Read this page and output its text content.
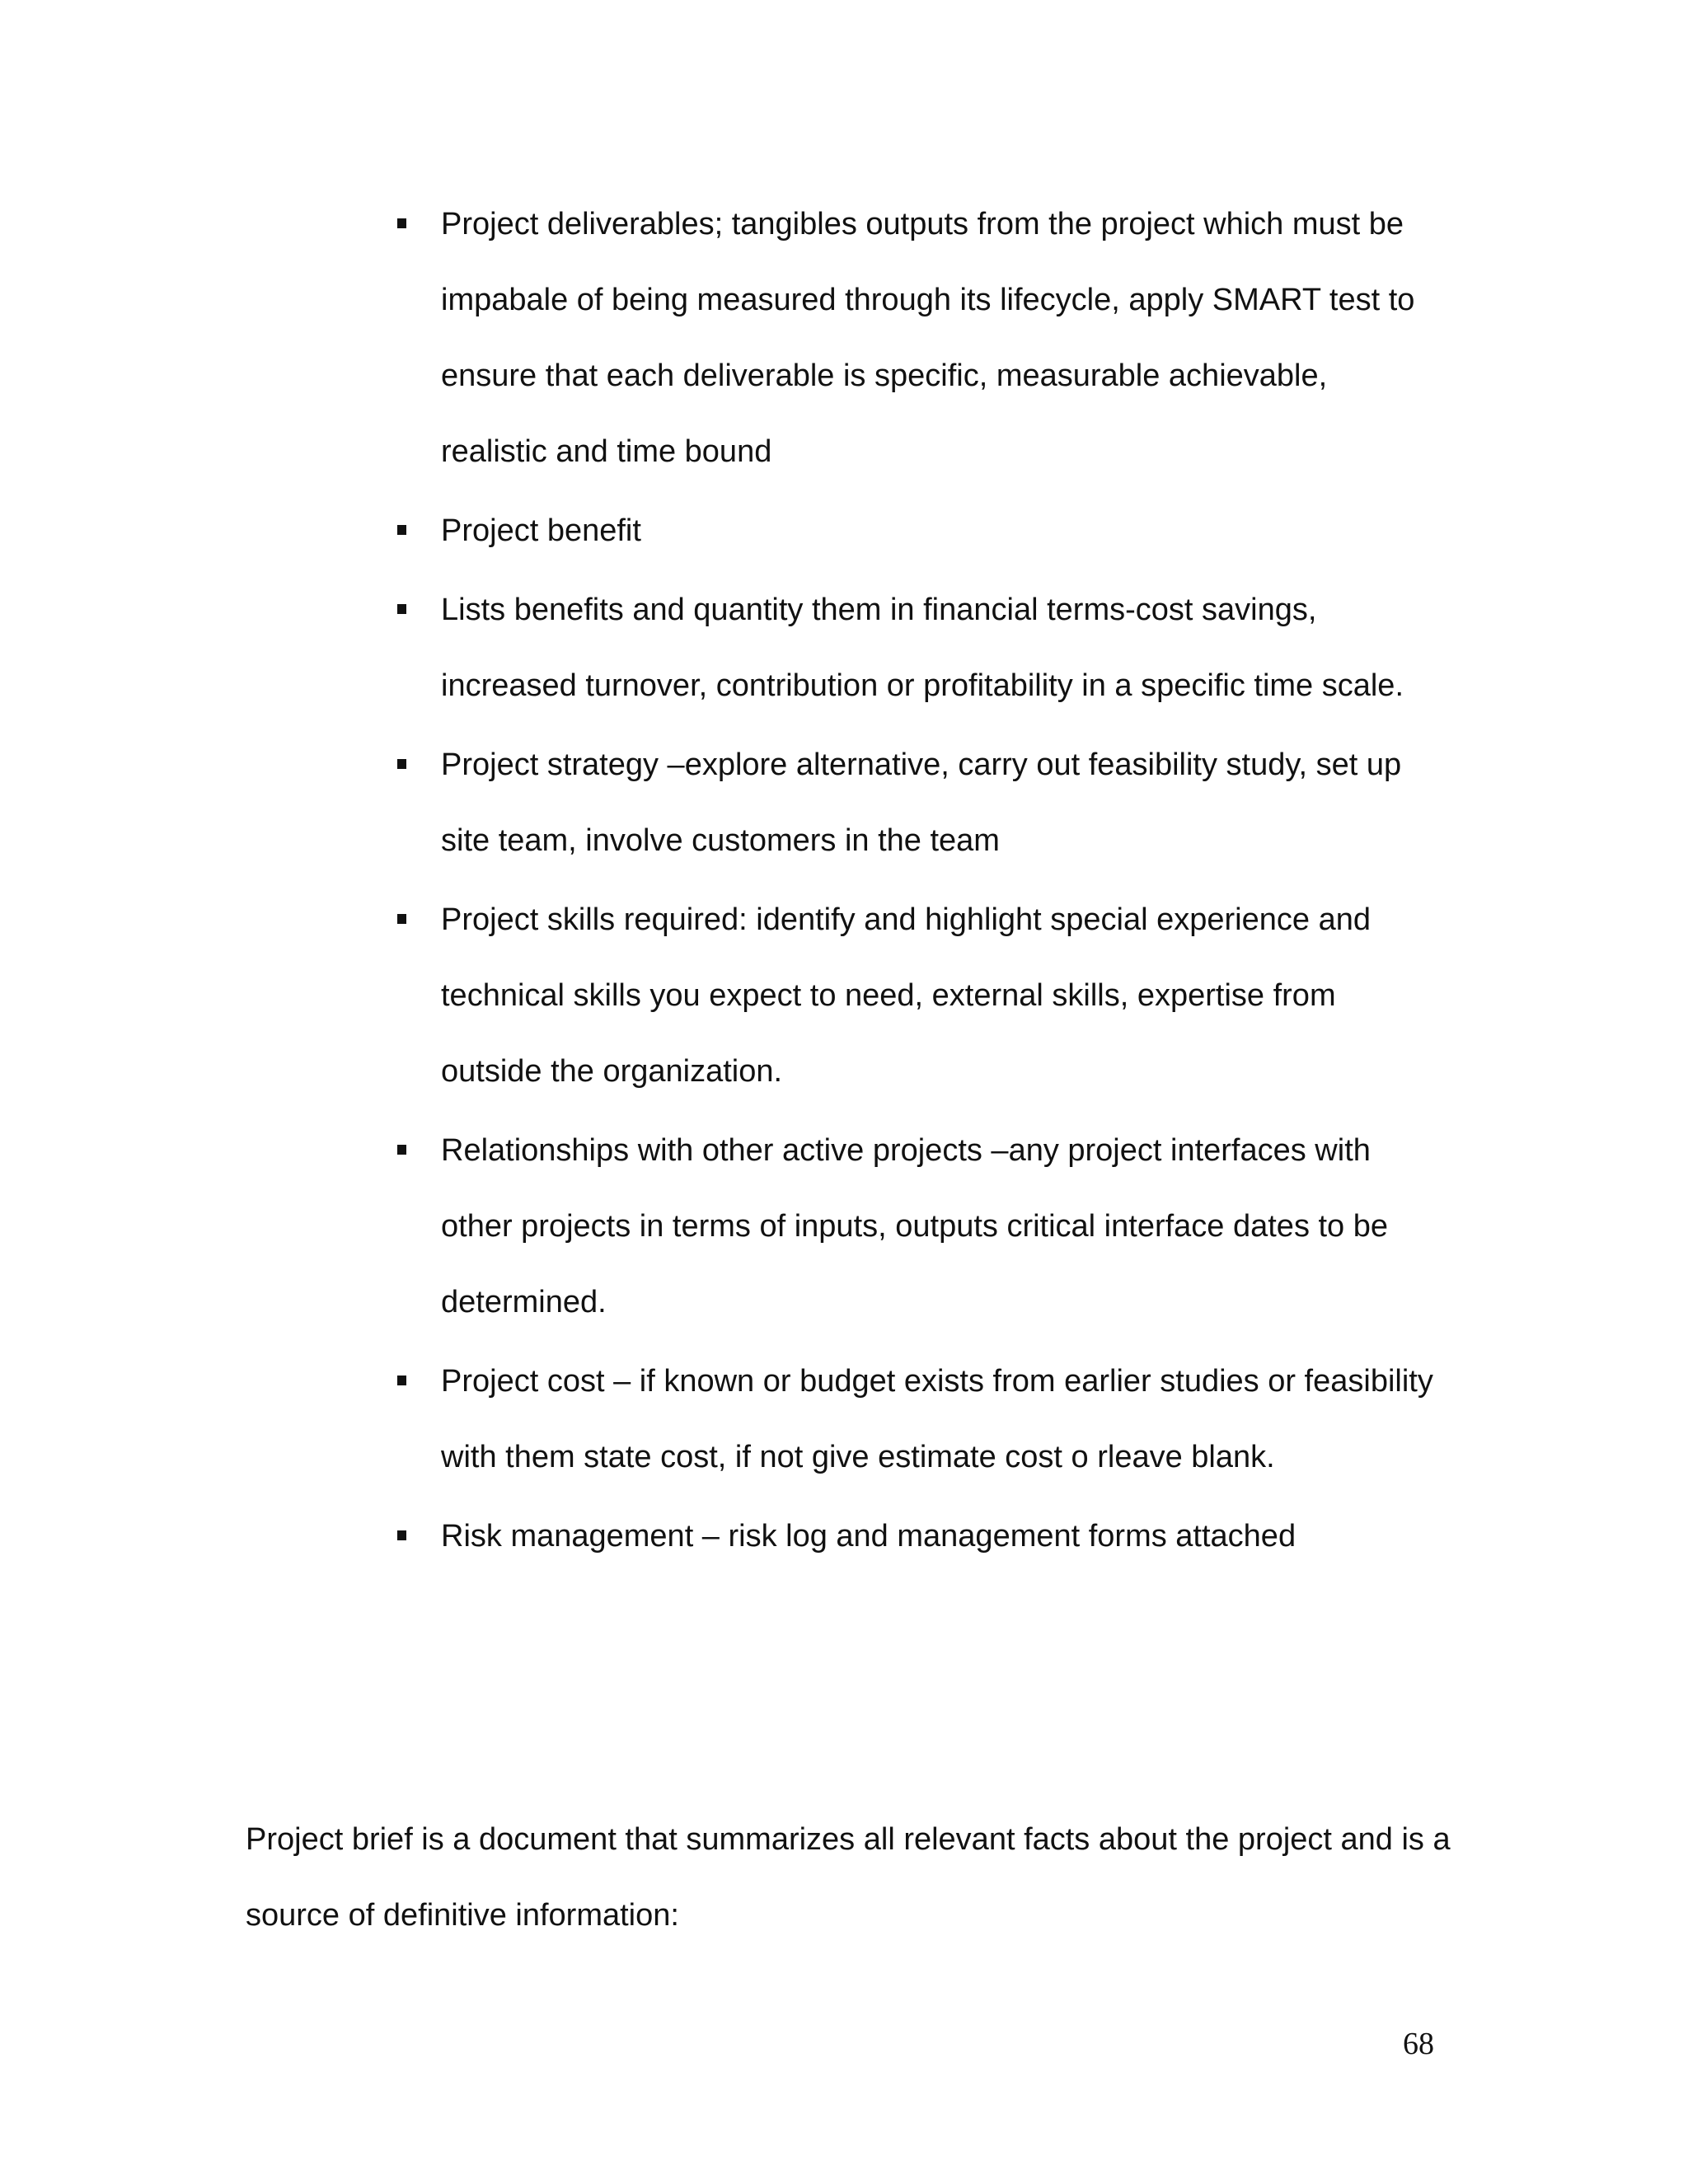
Project deliverables; tangibles outputs from the project which must be impabale of being measured through its lifecycle, apply SMART test to ensure that each deliverable is specific, measurable achievable, realistic and time bound
Project benefit
Lists benefits and quantity them in financial terms-cost savings, increased turnover, contribution or profitability in a specific time scale.
Project strategy –explore alternative, carry out feasibility study, set up site team, involve customers in the team
Project skills required: identify and highlight special experience and technical skills you expect to need, external skills, expertise from outside the organization.
Relationships with other active projects –any project interfaces with other projects in terms of inputs, outputs critical interface dates to be determined.
Project cost – if known or budget exists from earlier studies or feasibility with them state cost, if not give estimate cost o rleave blank.
Risk management – risk log and management forms attached

Project brief is a document that summarizes all relevant facts about the project and is a source of definitive information:

68
